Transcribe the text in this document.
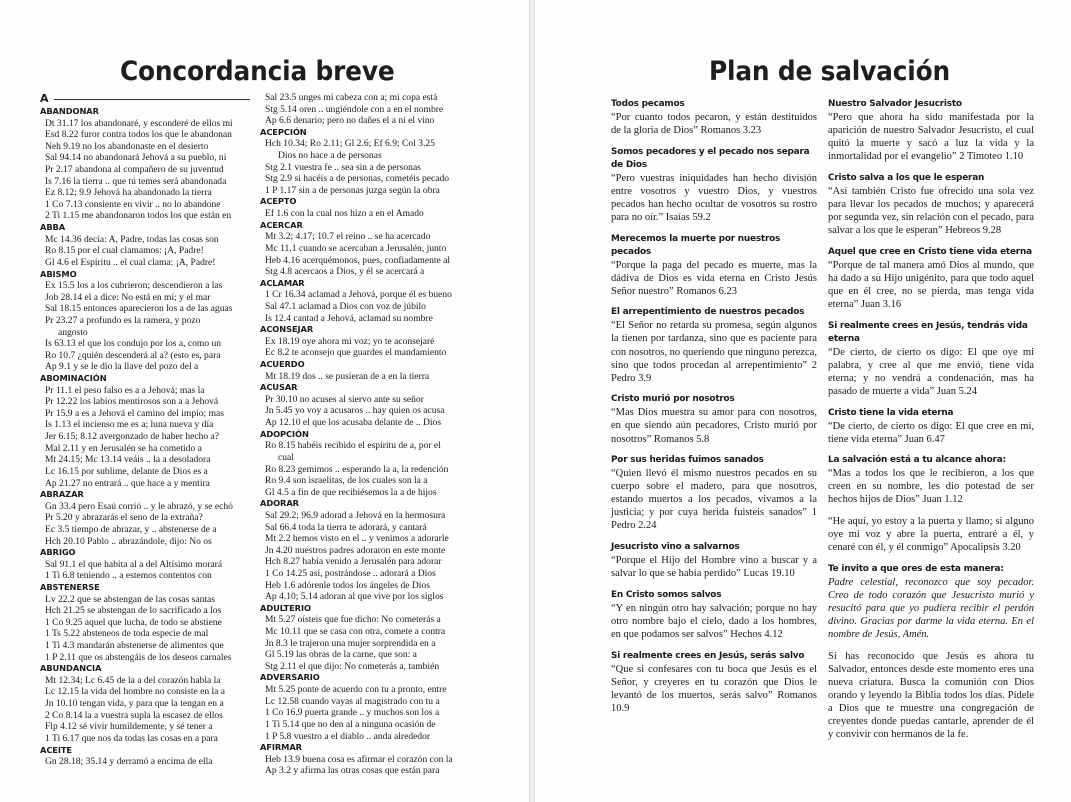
Concordancia breve
A
ABANDONAR
Dt 31.17 los abandonaré, y esconderé de ellos mi
Esd 8.22 furor contra todos los que le abandonan
Neh 9.19 no los abandonaste en el desierto
Sal 94.14 no abandonará Jehová a su pueblo, ni
Pr 2.17 abandona al compañero de su juventud
Is 7.16 la tierra .. que tú temes será abandonada
Ez 8.12; 9.9 Jehová ha abandonado la tierra
1 Co 7.13 consiente en vivir .. no lo abandone
2 Ti 1.15 me abandonaron todos los que están en
ABBA
Mc 14.36 decía: A, Padre, todas las cosas son
Ro 8.15 por el cual clamamos: ¡A, Padre!
Gl 4.6 el Espíritu .. el cual clama: ¡A, Padre!
ABISMO
Ex 15.5 los a los cubrieron; descendieron a las
Job 28.14 el a dice: No está en mí; y el mar
Sal 18.15 entonces aparecieron los a de las aguas
Pr 23.27 a profundo es la ramera, y pozo
angosto
Is 63.13 el que los condujo por los a, como un
Ro 10.7 ¿quién descenderá al a? (esto es, para
Ap 9.1 y se le dio la llave del pozo del a
ABOMINACIÓN
Pr 11.1 el peso falso es a a Jehová; mas la
Pr 12.22 los labios mentirosos son a a Jehová
Pr 15.9 a es a Jehová el camino del impío; mas
Is 1.13 el incienso me es a; luna nueva y día
Jer 6.15; 8.12 avergonzado de haber hecho a?
Mal 2.11 y en Jerusalén se ha cometido a
Mt 24.15; Mc 13.14 veáis .. la a desoladora
Lc 16.15 por sublime, delante de Dios es a
Ap 21.27 no entrará .. que hace a y mentira
ABRAZAR
Gn 33.4 pero Esaú corrió .. y le abrazó, y se echó
Pr 5.20 y abrazarás el seno de la extraña?
Ec 3.5 tiempo de abrazar, y .. abstenerse de a
Hch 20.10 Pablo .. abrazándole, dijo: No os
ABRIGO
Sal 91.1 el que habita al a del Altísimo morará
1 Ti 6.8 teniendo .. a estemos contentos con
ABSTENERSE
Lv 22.2 que se abstengan de las cosas santas
Hch 21.25 se abstengan de lo sacrificado a los
1 Co 9.25 aquel que lucha, de todo se abstiene
1 Ts 5.22 absteneos de toda especie de mal
1 Ti 4.3 mandarán abstenerse de alimentos que
1 P 2.11 que os abstengáis de los deseos carnales
ABUNDANCIA
Mt 12.34; Lc 6.45 de la a del corazón habla la
Lc 12.15 la vida del hombre no consiste en la a
Jn 10.10 tengan vida, y para que la tengan en a
2 Co 8.14 la a vuestra supla la escasez de ellos
Flp 4.12 sé vivir humildemente, y sé tener a
1 Ti 6.17 que nos da todas las cosas en a para
ACEITE
Gn 28.18; 35.14 y derramó a encima de ella
Sal 23.5 unges mi cabeza con a; mi copa está
Stg 5.14 oren .. ungiéndole con a en el nombre
Ap 6.6 denario; pero no dañes el a ni el vino
ACEPCIÓN
Hch 10.34; Ro 2.11; Gl 2.6; Ef 6.9; Col 3.25
Dios no hace a de personas
Stg 2.1 vuestra fe .. sea sin a de personas
Stg 2.9 si hacéis a de personas, cometéis pecado
1 P 1.17 sin a de personas juzga según la obra
ACEPTO
Ef 1.6 con la cual nos hizo a en el Amado
ACERCAR
Mt 3.2; 4.17; 10.7 el reino .. se ha acercado
Mc 11.1 cuando se acercaban a Jerusalén, junto
Heb 4.16 acerquémonos, pues, confiadamente al
Stg 4.8 acercaos a Dios, y él se acercará a
ACLAMAR
1 Cr 16.34 aclamad a Jehová, porque él es bueno
Sal 47.1 aclamad a Dios con voz de júbilo
Is 12.4 cantad a Jehová, aclamad su nombre
ACONSEJAR
Ex 18.19 oye ahora mi voz; yo te aconsejaré
Ec 8.2 te aconsejo que guardes el mandamiento
ACUERDO
Mt 18.19 dos .. se pusieran de a en la tierra
ACUSAR
Pr 30.10 no acuses al siervo ante su señor
Jn 5.45 yo voy a acusaros .. hay quien os acusa
Ap 12.10 el que los acusaba delante de .. Dios
ADOPCIÓN
Ro 8.15 habéis recibido el espíritu de a, por el
cual
Ro 8.23 gemimos .. esperando la a, la redención
Ro 9.4 son israelitas, de los cuales son la a
Gl 4.5 a fin de que recibiésemos la a de hijos
ADORAR
Sal 29.2; 96.9 adorad a Jehová en la hermosura
Sal 66.4 toda la tierra te adorará, y cantará
Mt 2.2 hemos visto en el .. y venimos a adorarle
Jn 4.20 nuestros padres adoraron en este monte
Hch 8.27 había venido a Jerusalén para adorar
1 Co 14.25 así, postrándose .. adorará a Dios
Heb 1.6 adórenle todos los ángeles de Dios
Ap 4.10; 5.14 adoran al que vive por los siglos
ADULTERIO
Mt 5.27 oísteis que fue dicho: No cometerás a
Mc 10.11 que se casa con otra, comete a contra
Jn 8.3 le trajeron una mujer sorprendida en a
Gl 5.19 las obras de la carne, que son: a
Stg 2.11 el que dijo: No cometerás a, también
ADVERSARIO
Mt 5.25 ponte de acuerdo con tu a pronto, entre
Lc 12.58 cuando vayas al magistrado con tu a
1 Co 16.9 puerta grande .. y muchos son los a
1 Ti 5.14 que no den al a ninguna ocasión de
1 P 5.8 vuestro a el diablo .. anda alrededor
AFIRMAR
Heb 13.9 buena cosa es afirmar el corazón con la
Ap 3.2 y afirma las otras cosas que están para
Plan de salvación
Todos pecamos
“Por cuanto todos pecaron, y están destituidos de la gloria de Dios” Romanos 3.23
Somos pecadores y el pecado nos separa de Dios
“Pero vuestras iniquidades han hecho división entre vosotros y vuestro Dios, y vuestros pecados han hecho ocultar de vosotros su rostro para no oír.” Isaías 59.2
Merecemos la muerte por nuestros pecados
“Porque la paga del pecado es muerte, mas la dádiva de Dios es vida eterna en Cristo Jesús Señor nuestro” Romanos 6.23
El arrepentimiento de nuestros pecados
“El Señor no retarda su promesa, según algunos la tienen por tardanza, sino que es paciente para con nosotros, no queriendo que ninguno perezca, sino que todos procedan al arrepentimiento” 2 Pedro 3.9
Cristo murió por nosotros
“Mas Dios muestra su amor para con nosotros, en que siendo aún pecadores, Cristo murió por nosotros” Romanos 5.8
Por sus heridas fuimos sanados
“Quien llevó él mismo nuestros pecados en su cuerpo sobre el madero, para que nosotros, estando muertos a los pecados, vivamos a la justicia; y por cuya herida fuisteis sanados” 1 Pedro 2.24
Jesucristo vino a salvarnos
“Porque el Hijo del Hombre vino a buscar y a salvar lo que se había perdido” Lucas 19.10
En Cristo somos salvos
“Y en ningún otro hay salvación; porque no hay otro nombre bajo el cielo, dado a los hombres, en que podamos ser salvos” Hechos 4.12
Si realmente crees en Jesús, serás salvo
“Que si confesares con tu boca que Jesús es el Señor, y creyeres en tu corazón que Dios le levantó de los muertos, serás salvo” Romanos 10.9
Nuestro Salvador Jesucristo
“Pero que ahora ha sido manifestada por la aparición de nuestro Salvador Jesucristo, el cual quitó la muerte y sacó a luz la vida y la inmortalidad por el evangelio” 2 Timoteo 1.10
Cristo salva a los que le esperan
“Así también Cristo fue ofrecido una sola vez para llevar los pecados de muchos; y aparecerá por segunda vez, sin relación con el pecado, para salvar a los que le esperan” Hebreos 9.28
Aquel que cree en Cristo tiene vida eterna
“Porque de tal manera amó Dios al mundo, que ha dado a su Hijo unigénito, para que todo aquel que en él cree, no se pierda, mas tenga vida eterna” Juan 3.16
Si realmente crees en Jesús, tendrás vida eterna
“De cierto, de cierto os digo: El que oye mi palabra, y cree al que me envió, tiene vida eterna; y no vendrá a condenación, mas ha pasado de muerte a vida” Juan 5.24
Cristo tiene la vida eterna
“De cierto, de cierto os digo: El que cree en mí, tiene vida eterna” Juan 6.47
La salvación está a tu alcance ahora:
“Mas a todos los que le recibieron, a los que creen en su nombre, les dio potestad de ser hechos hijos de Dios” Juan 1.12
“He aquí, yo estoy a la puerta y llamo; si alguno oye mi voz y abre la puerta, entraré a él, y cenaré con él, y él conmigo” Apocalipsis 3.20
Te invito a que ores de esta manera:
Padre celestial, reconozco que soy pecador. Creo de todo corazón que Jesucristo murió y resucitó para que yo pudiera recibir el perdón divino. Gracias por darme la vida eterna. En el nombre de Jesús, Amén.
Si has reconocido que Jesús es ahora tu Salvador, entonces desde este momento eres una nueva criatura. Busca la comunión con Dios orando y leyendo la Biblia todos los días. Pídele a Dios que te muestre una congregación de creyentes donde puedas cantarle, aprender de él y convivir con hermanos de la fe.
